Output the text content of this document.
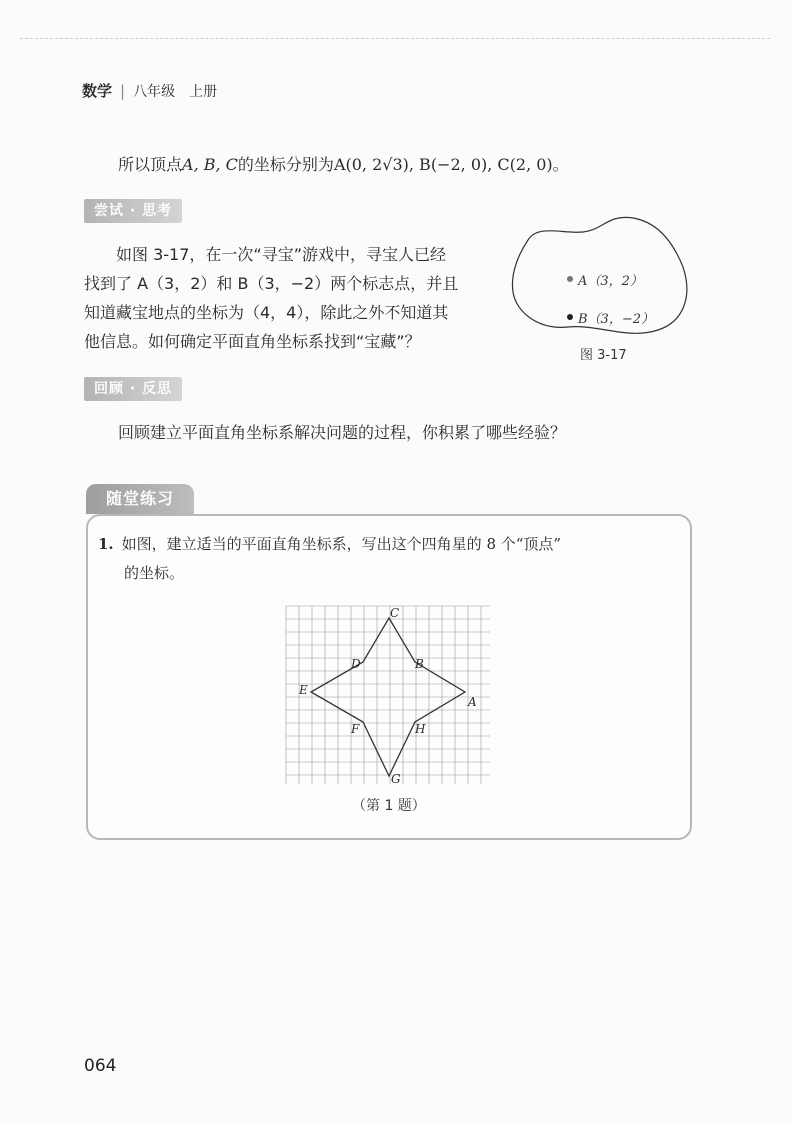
数学 | 八年级　上册
所以顶点A, B, C的坐标分别为A(0, 2√3), B(−2, 0), C(2, 0)。
尝试 · 思考
如图 3-17，在一次“寻宝”游戏中，寻宝人已经
找到了 A（3，2）和 B（3，−2）两个标志点，并且
知道藏宝地点的坐标为（4，4），除此之外不知道其
他信息。如何确定平面直角坐标系找到“宝藏”？
A（3，2）
B（3，−2）
图 3-17
回顾 · 反思
回顾建立平面直角坐标系解决问题的过程，你积累了哪些经验？
随堂练习
1. 如图，建立适当的平面直角坐标系，写出这个四角星的 8 个“顶点”
的坐标。
C
D	B
E
A
F	H
G
（第 1 题）
064
